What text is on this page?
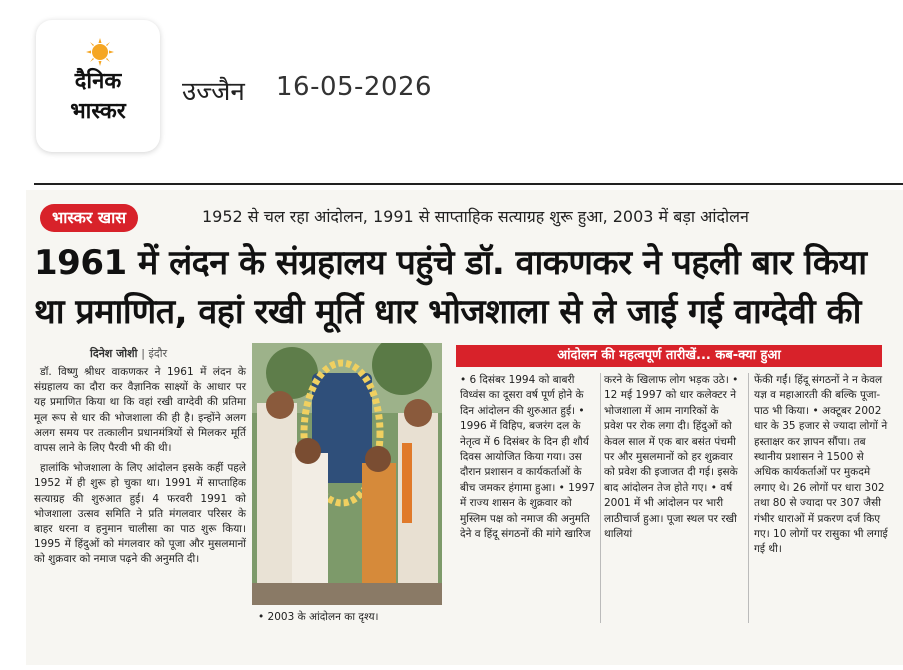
दैनिक
भास्कर
उज्जैन 16-05-2026
भास्कर खास	1952 से चल रहा आंदोलन, 1991 से साप्ताहिक सत्याग्रह शुरू हुआ, 2003 में बड़ा आंदोलन
1961 में लंदन के संग्रहालय पहुंचे डॉ. वाकणकर ने पहली बार किया
था प्रमाणित, वहां रखी मूर्ति धार भोजशाला से ले जाई गई वाग्देवी की
दिनेश जोशी | इंदौर

डॉ. विष्णु श्रीधर वाकणकर ने 1961 में लंदन के संग्रहालय का दौरा कर वैज्ञानिक साक्ष्यों के आधार पर यह प्रमाणित किया था कि वहां रखी वाग्देवी की प्रतिमा मूल रूप से धार की भोजशाला की ही है। इन्होंने अलग अलग समय पर तत्कालीन प्रधानमंत्रियों से मिलकर मूर्ति वापस लाने के लिए पैरवी भी की थी।

हालांकि भोजशाला के लिए आंदोलन इसके कहीं पहले 1952 में ही शुरू हो चुका था। 1991 में साप्ताहिक सत्याग्रह की शुरुआत हुई। 4 फरवरी 1991 को भोजशाला उत्सव समिति ने प्रति मंगलवार परिसर के बाहर धरना व हनुमान चालीसा का पाठ शुरू किया। 1995 में हिंदुओं को मंगलवार को पूजा और मुसलमानों को शुक्रवार को नमाज पढ़ने की अनुमति दी।

• 2003 के आंदोलन का दृश्य।
आंदोलन की महत्वपूर्ण तारीखें... कब-क्या हुआ
• 6 दिसंबर 1994 को बाबरी विध्वंस का दूसरा वर्ष पूर्ण होने के दिन आंदोलन की शुरुआत हुई। • 1996 में विहिप, बजरंग दल के नेतृत्व में 6 दिसंबर के दिन ही शौर्य दिवस आयोजित किया गया। उस दौरान प्रशासन व कार्यकर्ताओं के बीच जमकर हंगामा हुआ। • 1997 में राज्य शासन के शुक्रवार को मुस्लिम पक्ष को नमाज की अनुमति देने व हिंदू संगठनों की मांगे खारिज
करने के खिलाफ लोग भड़क उठे। • 12 मई 1997 को धार कलेक्टर ने भोजशाला में आम नागरिकों के प्रवेश पर रोक लगा दी। हिंदुओं को केवल साल में एक बार बसंत पंचमी पर और मुसलमानों को हर शुक्रवार को प्रवेश की इजाजत दी गई। इसके बाद आंदोलन तेज होते गए। • वर्ष 2001 में भी आंदोलन पर भारी लाठीचार्ज हुआ। पूजा स्थल पर रखी थालियां
फेंकी गईं। हिंदू संगठनों ने न केवल यज्ञ व महाआरती की बल्कि पूजा-पाठ भी किया। • अक्टूबर 2002 धार के 35 हजार से ज्यादा लोगों ने हस्ताक्षर कर ज्ञापन सौंपा। तब स्थानीय प्रशासन ने 1500 से अधिक कार्यकर्ताओं पर मुकदमे लगाए थे। 26 लोगों पर धारा 302 तथा 80 से ज्यादा पर 307 जैसी गंभीर धाराओं में प्रकरण दर्ज किए गए। 10 लोगों पर रासुका भी लगाई गई थी।
